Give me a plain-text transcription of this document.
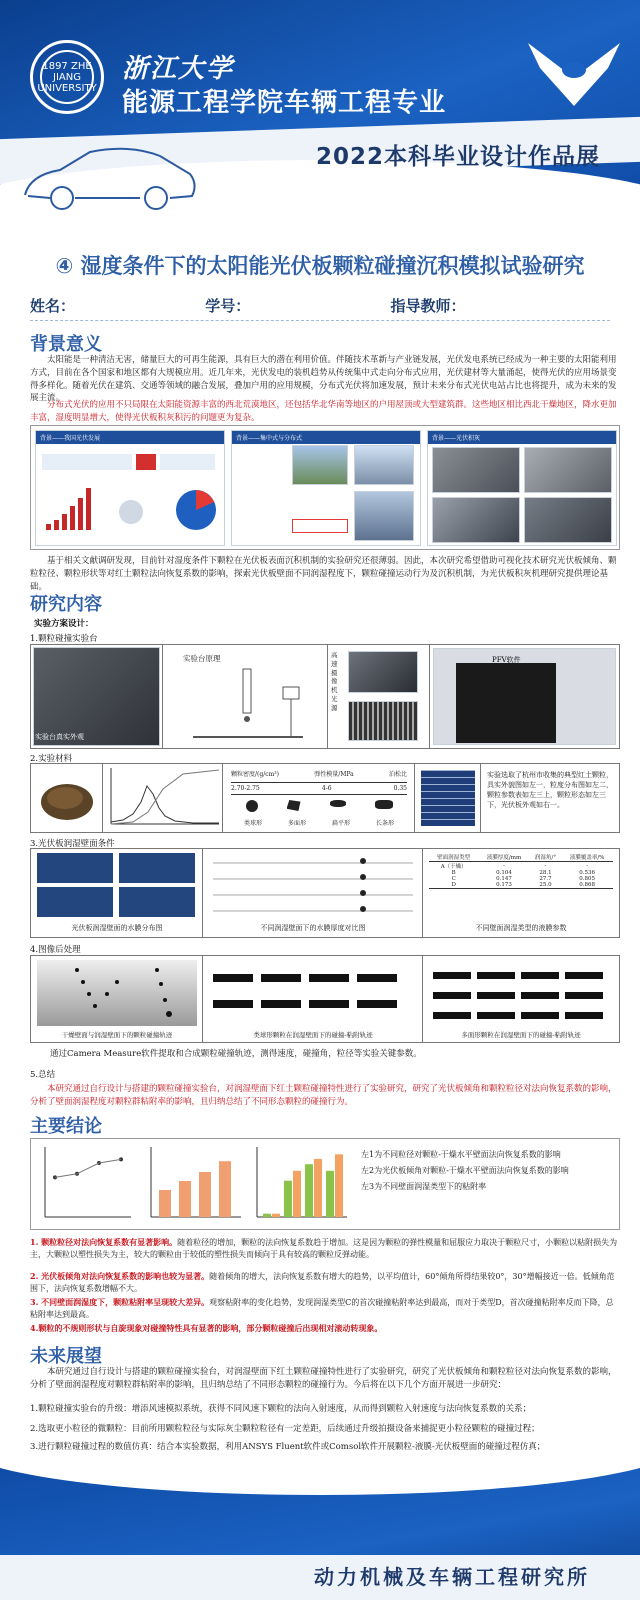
1897 ZHE JIANG UNIVERSITY
浙江大学
能源工程学院车辆工程专业
2022本科毕业设计作品展
④ 湿度条件下的太阳能光伏板颗粒碰撞沉积模拟试验研究
姓名：	学号：	指导教师：
背景意义
太阳能是一种清洁无害，储量巨大的可再生能源，具有巨大的潜在利用价值。伴随技术革新与产业链发展，光伏发电系统已经成为一种主要的太阳能利用方式，目前在各个国家和地区都有大规模应用。近几年来，光伏发电的装机趋势从传统集中式走向分布式应用，光伏建材等大量涌起，使得光伏的应用场景变得多样化。随着光伏在建筑、交通等领域的融合发展，叠加户用的应用规模，分布式光伏将加速发展，预计未来分布式光伏电站占比也将提升，成为未来的发展主流。
分布式光伏的应用不只局限在太阳能资源丰富的西北荒漠地区，还包括华北华南等地区的户用屋顶或大型建筑群。这些地区相比西北干燥地区，降水更加丰富，湿度明显增大，使得光伏板积灰积污的问题更为复杂。
背景——我国光伏发展	背景——集中式与分布式	背景——光伏积灰
基于相关文献调研发现，目前针对湿度条件下颗粒在光伏板表面沉积机制的实验研究还很薄弱。因此，本次研究希望借助可视化技术研究光伏板倾角、颗粒粒径、颗粒形状等对红土颗粒法向恢复系数的影响，探索光伏板壁面不同润湿程度下，颗粒碰撞运动行为及沉积机制，为光伏板积灰机理研究提供理论基础。
研究内容
实验方案设计：
1.颗粒碰撞实验台
实验台真实外观
实验台原理	高
速
摄
像
机
光
源
PFV软件
2.实验材料
颗粒密度/(g/cm³)	弹性模量/MPa	泊松比
2.70-2.75	4-6	0.35
类球形	多面形	扁平形	长条形
实验选取了杭州市收集的典型红土颗粒，具实外貌图如左一，粒度分布图如左二，颗粒参数表如左三上，颗粒形态如左三下，光伏板外观如右一。
3.光伏板润湿壁面条件
光伏板润湿壁面的水膜分布图	不同润湿壁面下的水膜厚度对比图
壁面润湿类型	液膜厚度/mm	润湿角/°	液膜覆盖率/%
A（干燥）	-	-	-
B	0.104	28.1	0.536
C	0.147	27.7	0.805
D	0.173	25.0	0.868
不同壁面润湿类型的液膜参数
4.图像后处理
干燥壁面与润湿壁面下的颗粒碰撞轨迹	类球形颗粒在润湿壁面下的碰撞-粘附轨迹	多面形颗粒在润湿壁面下的碰撞-粘附轨迹
通过Camera Measure软件提取和合成颗粒碰撞轨迹，测得速度，碰撞角，粒径等实验关键参数。
5.总结
本研究通过自行设计与搭建的颗粒碰撞实验台，对润湿壁面下红土颗粒碰撞特性进行了实验研究，研究了光伏板倾角和颗粒粒径对法向恢复系数的影响，分析了壁面润湿程度对颗粒群粘附率的影响，且归纳总结了不同形态颗粒的碰撞行为。
主要结论
左1为不同粒径对颗粒-干燥水平壁面法向恢复系数的影响
左2为光伏板倾角对颗粒-干燥水平壁面法向恢复系数的影响
左3为不同壁面润湿类型下的粘附率
1. 颗粒粒径对法向恢复系数有显著影响。随着粒径的增加，颗粒的法向恢复系数趋于增加。这是因为颗粒的弹性模量和屈服应力取决于颗粒尺寸，小颗粒以粘附损失为主，大颗粒以塑性损失为主，较大的颗粒由于较低的塑性损失而倾向于具有较高的颗粒反弹动能。
2. 光伏板倾角对法向恢复系数的影响也较为显著。随着倾角的增大，法向恢复系数有增大的趋势，以平均值计，60°倾角所得结果较0°，30°增幅接近一倍。低倾角范围下，法向恢复系数增幅不大。
3. 不同壁面润湿度下，颗粒粘附率呈现较大差异。观察粘附率的变化趋势，发现润湿类型C的首次碰撞粘附率达到最高，而对于类型D，首次碰撞粘附率反而下降，总粘附率达到最高。
4.颗粒的不规则形状与自旋现象对碰撞特性具有显著的影响，部分颗粒碰撞后出现相对滚动转现象。
未来展望
本研究通过自行设计与搭建的颗粒碰撞实验台，对润湿壁面下红土颗粒碰撞特性进行了实验研究，研究了光伏板倾角和颗粒粒径对法向恢复系数的影响，分析了壁面润湿程度对颗粒群粘附率的影响，且归纳总结了不同形态颗粒的碰撞行为。今后将在以下几个方面开展进一步研究：
1.颗粒碰撞实验台的升级：增添风速模拟系统，获得不同风速下颗粒的法向入射速度，从而得到颗粒入射速度与法向恢复系数的关系；
2.选取更小粒径的微颗粒：目前所用颗粒粒径与实际灰尘颗粒粒径有一定差距，后续通过升级拍摄设备来捕捉更小粒径颗粒的碰撞过程；
3.进行颗粒碰撞过程的数值仿真：结合本实验数据，利用ANSYS Fluent软件或Comsol软件开展颗粒-液膜-光伏板壁面的碰撞过程仿真；
动力机械及车辆工程研究所
